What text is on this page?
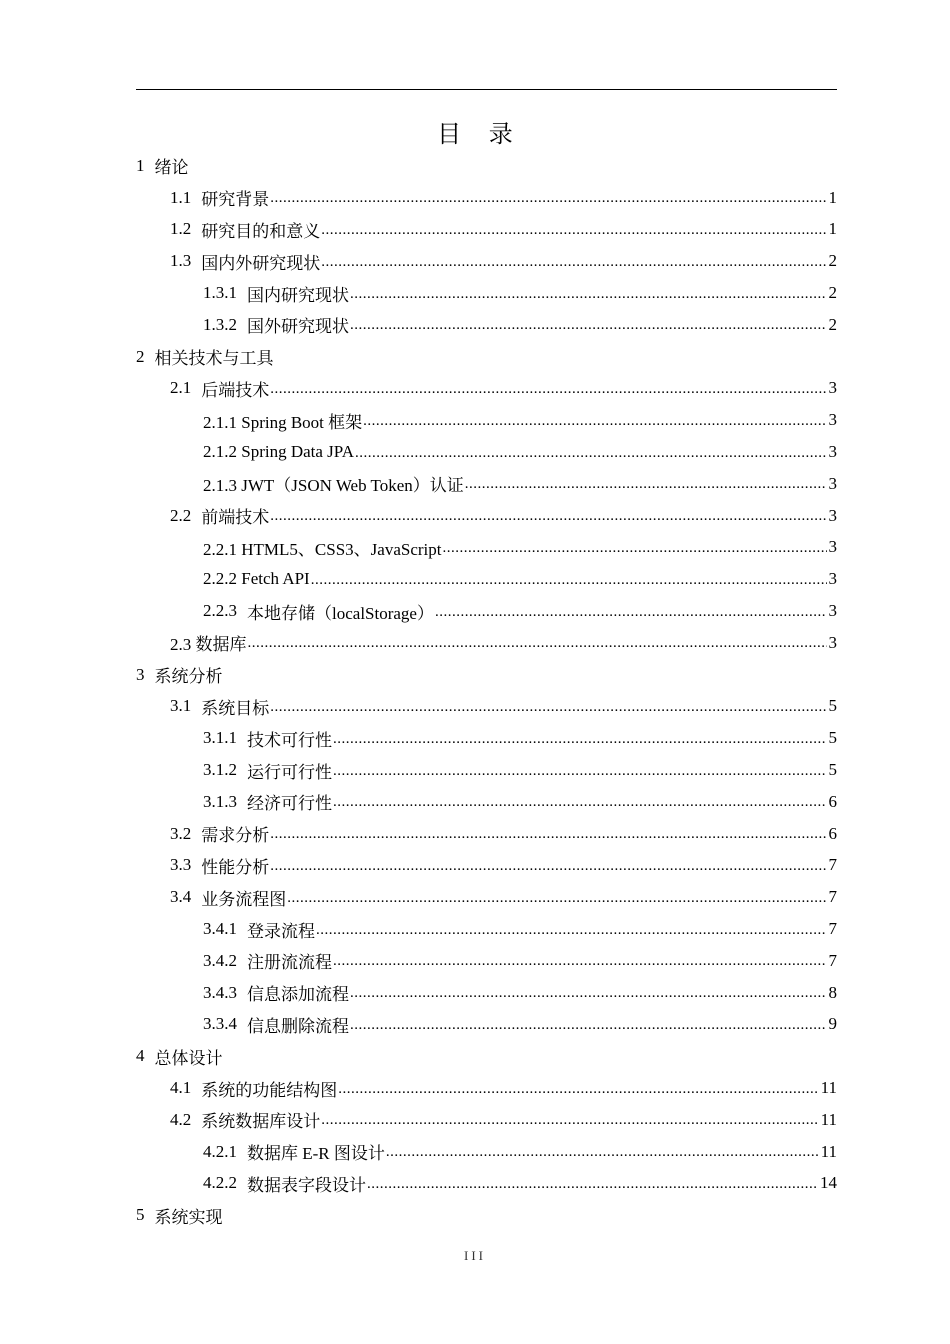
目 录
1 绪论
1.1 研究背景 .....	1
1.2 研究目的和意义 .....	1
1.3 国内外研究现状 .....	2
1.3.1 国内研究现状 .....	2
1.3.2 国外研究现状 .....	2
2 相关技术与工具
2.1 后端技术 .....	3
2.1.1 Spring Boot 框架 .....	3
2.1.2 Spring Data JPA .....	3
2.1.3 JWT（JSON Web Token）认证 .....	3
2.2 前端技术 .....	3
2.2.1 HTML5、CSS3、JavaScript .....	3
2.2.2 Fetch API .....	3
2.2.3 本地存储（localStorage） .....	3
2.3 数据库 .....	3
3 系统分析
3.1 系统目标 .....	5
3.1.1 技术可行性 .....	5
3.1.2 运行可行性 .....	5
3.1.3 经济可行性 .....	6
3.2 需求分析 .....	6
3.3 性能分析 .....	7
3.4 业务流程图 .....	7
3.4.1 登录流程 .....	7
3.4.2 注册流流程 .....	7
3.4.3 信息添加流程 .....	8
3.3.4 信息删除流程 .....	9
4 总体设计
4.1 系统的功能结构图 .....	11
4.2 系统数据库设计 .....	11
4.2.1 数据库 E-R 图设计 .....	11
4.2.2 数据表字段设计 .....	14
5 系统实现
III
